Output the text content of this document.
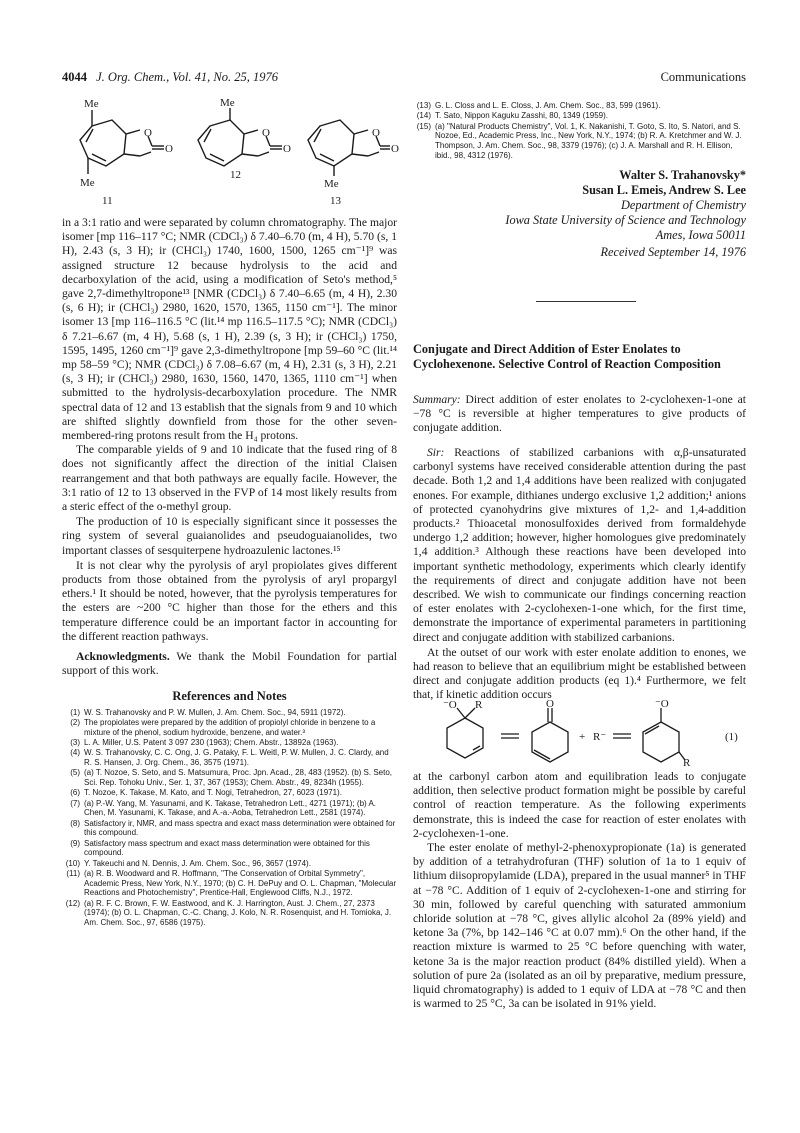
4044 J. Org. Chem., Vol. 41, No. 25, 1976	Communications
O
O
Me
Me
11
O
O
Me
12
O
O
Me
13

in a 3:1 ratio and were separated by column chromatography. The major isomer [mp 116–117 °C; NMR (CDCl₃) δ 7.40–6.70 (m, 4 H), 5.70 (s, 1 H), 2.43 (s, 3 H); ir (CHCl₃) 1740, 1600, 1500, 1265 cm⁻¹]⁹ was assigned structure 12 because hydrolysis to the acid and decarboxylation of the acid, using a modification of Seto's method,⁵ gave 2,7-dimethyltropone¹³ [NMR (CDCl₃) δ 7.40–6.65 (m, 4 H), 2.30 (s, 6 H); ir (CHCl₃) 2980, 1620, 1570, 1365, 1150 cm⁻¹]. The minor isomer 13 [mp 116–116.5 °C (lit.¹⁴ mp 116.5–117.5 °C); NMR (CDCl₃) δ 7.21–6.67 (m, 4 H), 5.68 (s, 1 H), 2.39 (s, 3 H); ir (CHCl₃) 1750, 1595, 1495, 1260 cm⁻¹]⁹ gave 2,3-dimethyltropone [mp 59–60 °C (lit.¹⁴ mp 58–59 °C); NMR (CDCl₃) δ 7.08–6.67 (m, 4 H), 2.31 (s, 3 H), 2.21 (s, 3 H); ir (CHCl₃) 2980, 1630, 1560, 1470, 1365, 1110 cm⁻¹] when submitted to the hydrolysis-decarboxylation procedure. The NMR spectral data of 12 and 13 establish that the signals from 9 and 10 which are shifted slightly downfield from those for the other seven-membered-ring protons result from the H₄ protons.

The comparable yields of 9 and 10 indicate that the fused ring of 8 does not significantly affect the direction of the initial Claisen rearrangement and that both pathways are equally facile. However, the 3:1 ratio of 12 to 13 observed in the FVP of 14 most likely results from a steric effect of the o-methyl group.

The production of 10 is especially significant since it possesses the ring system of several guaianolides and pseudoguaianolides, two important classes of sesquiterpene hydroazulenic lactones.¹⁵

It is not clear why the pyrolysis of aryl propiolates gives different products from those obtained from the pyrolysis of aryl propargyl ethers.¹ It should be noted, however, that the pyrolysis temperatures for the esters are ~200 °C higher than those for the ethers and this temperature difference could be an important factor in accounting for the different reaction pathways.

Acknowledgments. We thank the Mobil Foundation for partial support of this work.

References and Notes
(1) W. S. Trahanovsky and P. W. Mullen, J. Am. Chem. Soc., 94, 5911 (1972).
(2) The propiolates were prepared by the addition of propiolyl chloride in benzene to a mixture of the phenol, sodium hydroxide, benzene, and water.³
(3) L. A. Miller, U.S. Patent 3 097 230 (1963); Chem. Abstr., 13892a (1963).
(4) W. S. Trahanovsky, C. C. Ong, J. G. Pataky, F. L. Weitl, P. W. Mullen, J. C. Clardy, and R. S. Hansen, J. Org. Chem., 36, 3575 (1971).
(5) (a) T. Nozoe, S. Seto, and S. Matsumura, Proc. Jpn. Acad., 28, 483 (1952). (b) S. Seto, Sci. Rep. Tohoku Univ., Ser. 1, 37, 367 (1953); Chem. Abstr., 49, 8234h (1955).
(6) T. Nozoe, K. Takase, M. Kato, and T. Nogi, Tetrahedron, 27, 6023 (1971).
(7) (a) P.-W. Yang, M. Yasunami, and K. Takase, Tetrahedron Lett., 4271 (1971); (b) A. Chen, M. Yasunami, K. Takase, and A.-a.-Aoba, Tetrahedron Lett., 2581 (1974).
(8) Satisfactory ir, NMR, and mass spectra and exact mass determination were obtained for this compound.
(9) Satisfactory mass spectrum and exact mass determination were obtained for this compound.
(10) Y. Takeuchi and N. Dennis, J. Am. Chem. Soc., 96, 3657 (1974).
(11) (a) R. B. Woodward and R. Hoffmann, "The Conservation of Orbital Symmetry", Academic Press, New York, N.Y., 1970; (b) C. H. DePuy and O. L. Chapman, "Molecular Reactions and Photochemistry", Prentice-Hall, Englewood Cliffs, N.J., 1972.
(12) (a) R. F. C. Brown, F. W. Eastwood, and K. J. Harrington, Aust. J. Chem., 27, 2373 (1974); (b) O. L. Chapman, C.-C. Chang, J. Kolo, N. R. Rosenquist, and H. Tomioka, J. Am. Chem. Soc., 97, 6586 (1975).
(13) G. L. Closs and L. E. Closs, J. Am. Chem. Soc., 83, 599 (1961).
(14) T. Sato, Nippon Kaguku Zasshi, 80, 1349 (1959).
(15) (a) "Natural Products Chemistry", Vol. 1, K. Nakanishi, T. Goto, S. Ito, S. Natori, and S. Nozoe, Ed., Academic Press, Inc., New York, N.Y., 1974; (b) R. A. Kretchmer and W. J. Thompson, J. Am. Chem. Soc., 98, 3379 (1976); (c) J. A. Marshall and R. H. Ellison, ibid., 98, 4312 (1976).
Walter S. Trahanovsky*
Susan L. Emeis, Andrew S. Lee
Department of Chemistry
Iowa State University of Science and Technology
Ames, Iowa 50011
Received September 14, 1976
Conjugate and Direct Addition of Ester Enolates to Cyclohexenone. Selective Control of Reaction Composition
Summary: Direct addition of ester enolates to 2-cyclohexen-1-one at −78 °C is reversible at higher temperatures to give products of conjugate addition.

Sir: Reactions of stabilized carbanions with α,β-unsaturated carbonyl systems have received considerable attention during the past decade. Both 1,2 and 1,4 additions have been realized with conjugated enones. For example, dithianes undergo exclusive 1,2 addition;¹ anions of protected cyanohydrins give mixtures of 1,2- and 1,4-addition products.² Thioacetal monosulfoxides derived from formaldehyde undergo 1,2 addition; however, higher homologues give predominately 1,4 addition.³ Although these reactions have been developed into important synthetic methodology, experiments which clearly identify the requirements of direct and conjugate addition have not been described. We wish to communicate our findings concerning reaction of ester enolates with 2-cyclohexen-1-one which, for the first time, demonstrate the importance of experimental parameters in partitioning direct and conjugate addition with stabilized carbanions.

At the outset of our work with ester enolate addition to enones, we had reason to believe that an equilibrium might be established between direct and conjugate addition products (eq 1).⁴ Furthermore, we felt that, if kinetic addition occurs

⁻O R	O
+ R⁻
⁻O
R
(1)

at the carbonyl carbon atom and equilibration leads to conjugate addition, then selective product formation might be possible by careful control of reaction temperature. As the following experiments demonstrate, this is indeed the case for reaction of ester enolates with 2-cyclohexen-1-one.

The ester enolate of methyl-2-phenoxypropionate (1a) is generated by addition of a tetrahydrofuran (THF) solution of 1a to 1 equiv of lithium diisopropylamide (LDA), prepared in the usual manner⁵ in THF at −78 °C. Addition of 1 equiv of 2-cyclohexen-1-one and stirring for 30 min, followed by careful quenching with saturated ammonium chloride solution at −78 °C, gives allylic alcohol 2a (89% yield) and ketone 3a (7%, bp 142–146 °C at 0.07 mm).⁶ On the other hand, if the reaction mixture is warmed to 25 °C before quenching with water, ketone 3a is the major reaction product (84% distilled yield). When a solution of pure 2a (isolated as an oil by preparative, medium pressure, liquid chromatography) is added to 1 equiv of LDA at −78 °C and then is warmed to 25 °C, 3a can be isolated in 91% yield.
